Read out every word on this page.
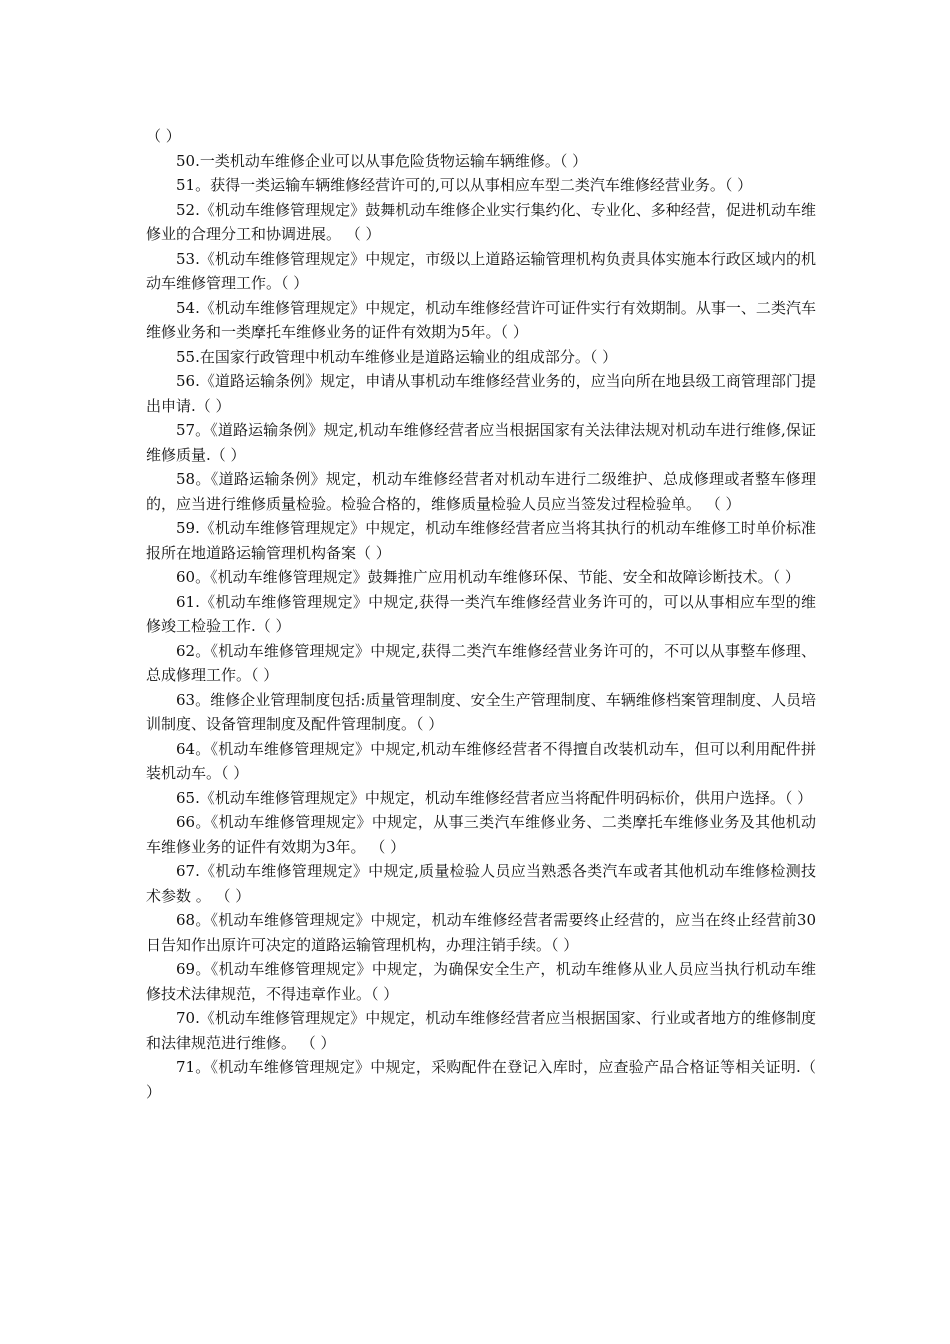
（ ）

50.一类机动车维修企业可以从事危险货物运输车辆维修。（ ）

51。获得一类运输车辆维修经营许可的,可以从事相应车型二类汽车维修经营业务。（ ）

52.《机动车维修管理规定》鼓舞机动车维修企业实行集约化、专业化、多种经营，促进机动车维修业的合理分工和协调进展。 （ ）

53.《机动车维修管理规定》中规定，市级以上道路运输管理机构负责具体实施本行政区域内的机动车维修管理工作。（ ）

54.《机动车维修管理规定》中规定，机动车维修经营许可证件实行有效期制。从事一、二类汽车维修业务和一类摩托车维修业务的证件有效期为5年。（ ）

55.在国家行政管理中机动车维修业是道路运输业的组成部分。（ ）

56.《道路运输条例》规定，申请从事机动车维修经营业务的，应当向所在地县级工商管理部门提出申请.（ ）

57。《道路运输条例》规定,机动车维修经营者应当根据国家有关法律法规对机动车进行维修,保证维修质量.（ ）

58。《道路运输条例》规定，机动车维修经营者对机动车进行二级维护、总成修理或者整车修理的，应当进行维修质量检验。检验合格的，维修质量检验人员应当签发过程检验单。 （ ）

59.《机动车维修管理规定》中规定，机动车维修经营者应当将其执行的机动车维修工时单价标准报所在地道路运输管理机构备案（ ）

60。《机动车维修管理规定》鼓舞推广应用机动车维修环保、节能、安全和故障诊断技术。（ ）

61.《机动车维修管理规定》中规定,获得一类汽车维修经营业务许可的，可以从事相应车型的维修竣工检验工作.（ ）

62。《机动车维修管理规定》中规定,获得二类汽车维修经营业务许可的，不可以从事整车修理、总成修理工作。（ ）

63。维修企业管理制度包括:质量管理制度、安全生产管理制度、车辆维修档案管理制度、人员培训制度、设备管理制度及配件管理制度。（ ）

64。《机动车维修管理规定》中规定,机动车维修经营者不得擅自改装机动车，但可以利用配件拼装机动车。（ ）

65.《机动车维修管理规定》中规定，机动车维修经营者应当将配件明码标价，供用户选择。（ ）

66。《机动车维修管理规定》中规定，从事三类汽车维修业务、二类摩托车维修业务及其他机动车维修业务的证件有效期为3年。 （ ）

67.《机动车维修管理规定》中规定,质量检验人员应当熟悉各类汽车或者其他机动车维修检测技术参数 。 （ ）

68。《机动车维修管理规定》中规定，机动车维修经营者需要终止经营的，应当在终止经营前30日告知作出原许可决定的道路运输管理机构，办理注销手续。（ ）

69。《机动车维修管理规定》中规定，为确保安全生产，机动车维修从业人员应当执行机动车维修技术法律规范，不得违章作业。（ ）

70.《机动车维修管理规定》中规定，机动车维修经营者应当根据国家、行业或者地方的维修制度和法律规范进行维修。 （ ）

71。《机动车维修管理规定》中规定，采购配件在登记入库时，应查验产品合格证等相关证明.（ ）
